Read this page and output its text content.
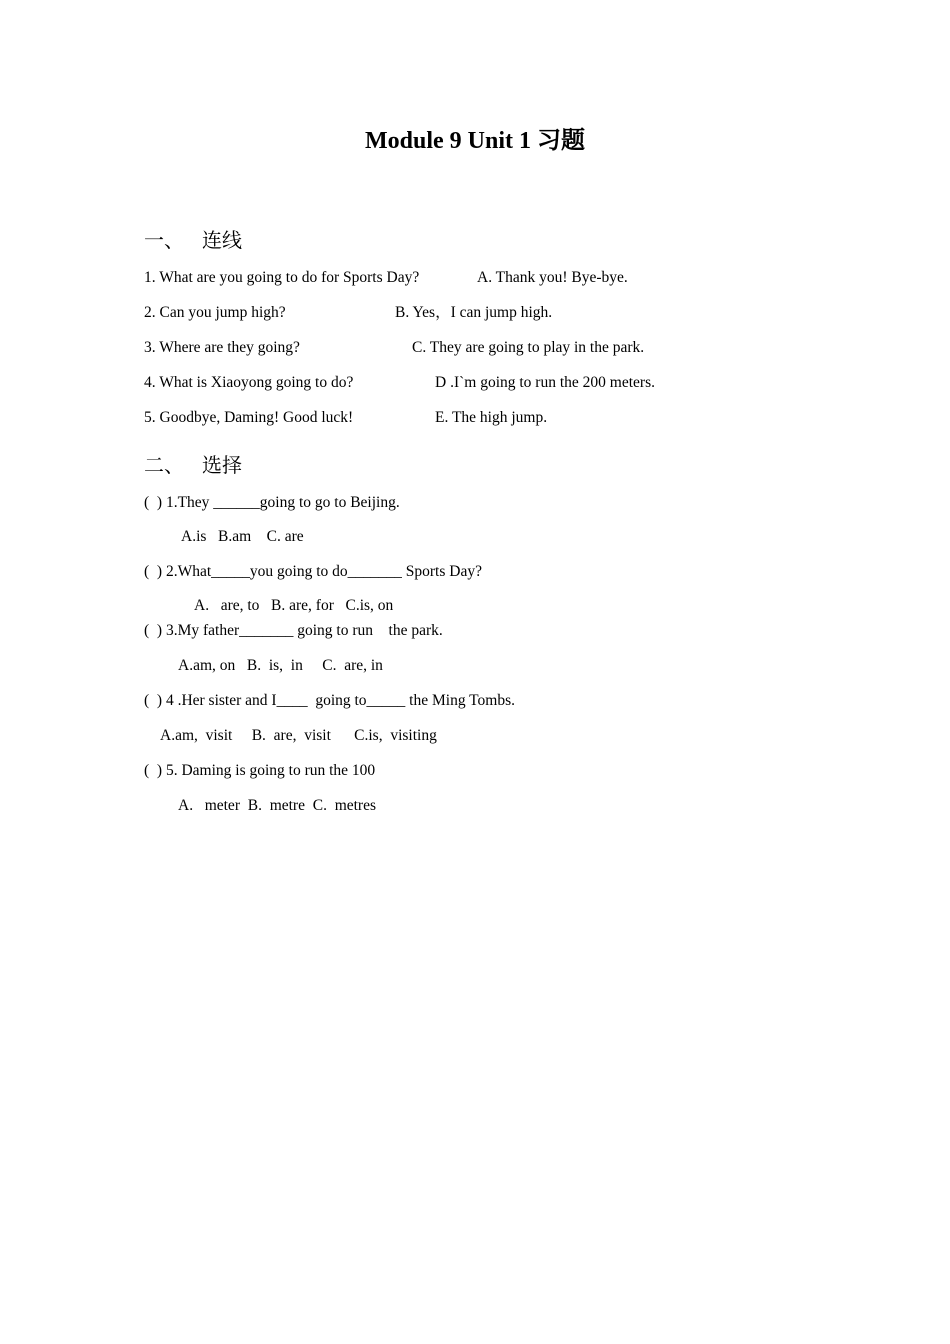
Module 9 Unit 1 习题
一、 连线
1. What are you going to do for Sports Day?	A. Thank you! Bye-bye.
2. Can you jump high?	B. Yes，I can jump high.
3. Where are they going?	C. They are going to play in the park.
4. What is Xiaoyong going to do?	D .I`m going to run the 200 meters.
5. Goodbye, Daming! Good luck!	E. The high jump.
二、 选择
(  ) 1.They ______going to go to Beijing.
A.is   B.am    C. are
(  ) 2.What_____you going to do_______ Sports Day?
A.   are, to   B. are, for   C.is, on
(  ) 3.My father_______ going to run    the park.
A.am, on   B.  is,  in     C.  are, in
(  ) 4 .Her sister and I____  going to_____ the Ming Tombs.
A.am,  visit     B.  are,  visit      C.is,  visiting
(  ) 5. Daming is going to run the 100
A.   meter  B.  metre  C.  metres
